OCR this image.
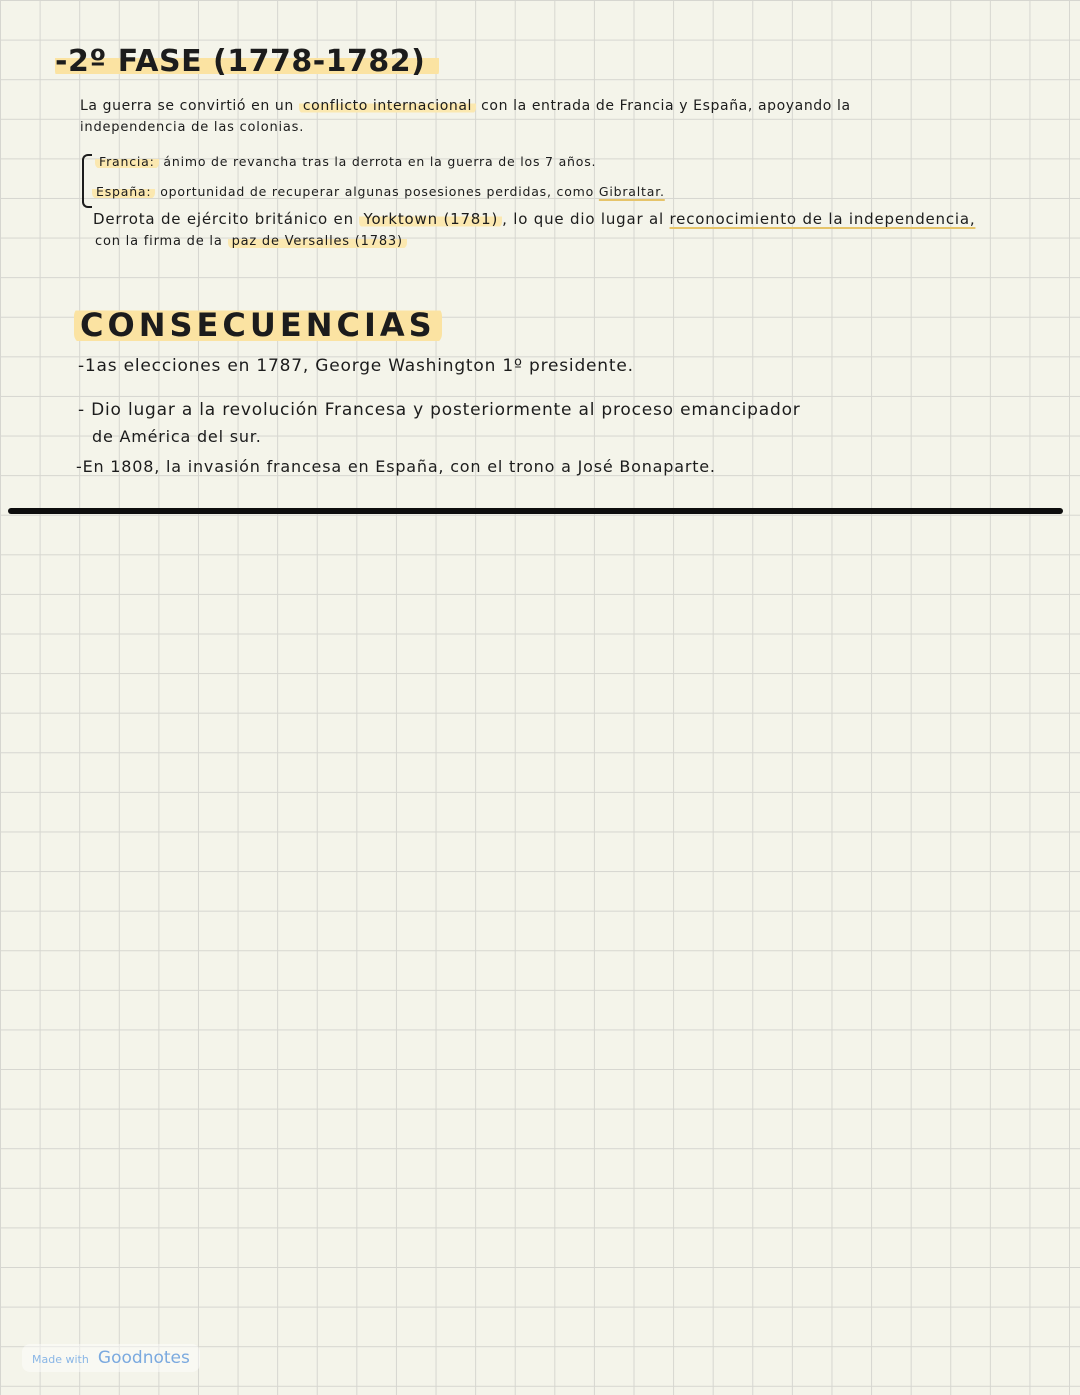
-2º FASE (1778-1782)
La guerra se convirtió en un conflicto internacional con la entrada de Francia y España, apoyando la
independencia de las colonias.
Francia: ánimo de revancha tras la derrota en la guerra de los 7 años.
España: oportunidad de recuperar algunas posesiones perdidas, como Gibraltar.
Derrota de ejército británico en Yorktown (1781) , lo que dio lugar al reconocimiento de la independencia,
con la firma de la paz de Versalles (1783)
CONSECUENCIAS
-1as elecciones en 1787, George Washington 1º presidente.
- Dio lugar a la revolución Francesa y posteriormente al proceso emancipador
de América del sur.
-En 1808, la invasión francesa en España, con el trono a José Bonaparte.
Made with Goodnotes
